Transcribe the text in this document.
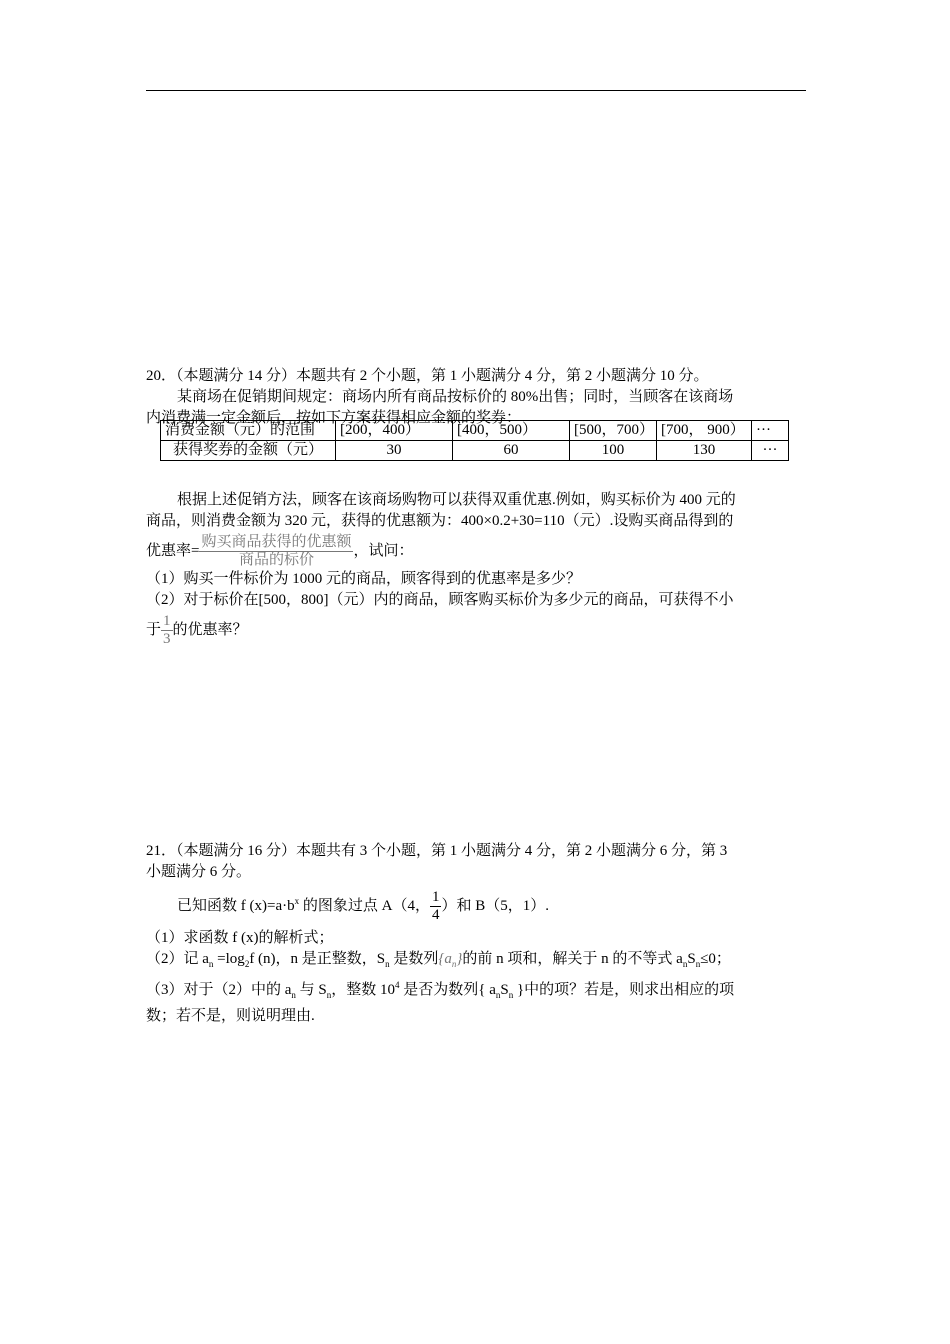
20．（本题满分 14 分）本题共有 2 个小题，第 1 小题满分 4 分，第 2 小题满分 10 分。
某商场在促销期间规定：商场内所有商品按标价的 80%出售；同时，当顾客在该商场
内消费满一定金额后，按如下方案获得相应金额的奖券：
消费金额（元）的范围	[200，400）	[400，500）	[500，700）	[700， 900）	···
获得奖券的金额（元）	30	60	100	130	···
根据上述促销方法，顾客在该商场购物可以获得双重优惠.例如，购买标价为 400 元的
商品，则消费金额为 320 元，获得的优惠额为：400×0.2+30=110（元）.设购买商品得到的
优惠率= $\frac{\text{购买商品获得的优惠额}}{\text{商品的标价}}$ ，试问：
（1）购买一件标价为 1000 元的商品，顾客得到的优惠率是多少？
（2）对于标价在[500，800]（元）内的商品，顾客购买标价为多少元的商品，可获得不小
于 $\frac{1}{3}$ 的优惠率？
21．（本题满分 16 分）本题共有 3 个小题，第 1 小题满分 4 分，第 2 小题满分 6 分，第 3
小题满分 6 分。
已知函数 f $(x)=a\cdot b^x$ 的图象过点 A（4， $\frac{1}{4}$ ）和 B（5，1）.
（1）求函数 f (x)的解析式；
（2）记 $a_n =\log_2f$ (n)，n 是正整数，$S_n$ 是数列$\{a_n\}$的前 n 项和，解关于 n 的不等式 $a_nS_n\le 0$；
（3）对于（2）中的 $a_n$ 与 $S_n$，整数 $10^4$ 是否为数列{ $a_nS_n$ }中的项？若是，则求出相应的项
数；若不是，则说明理由.
